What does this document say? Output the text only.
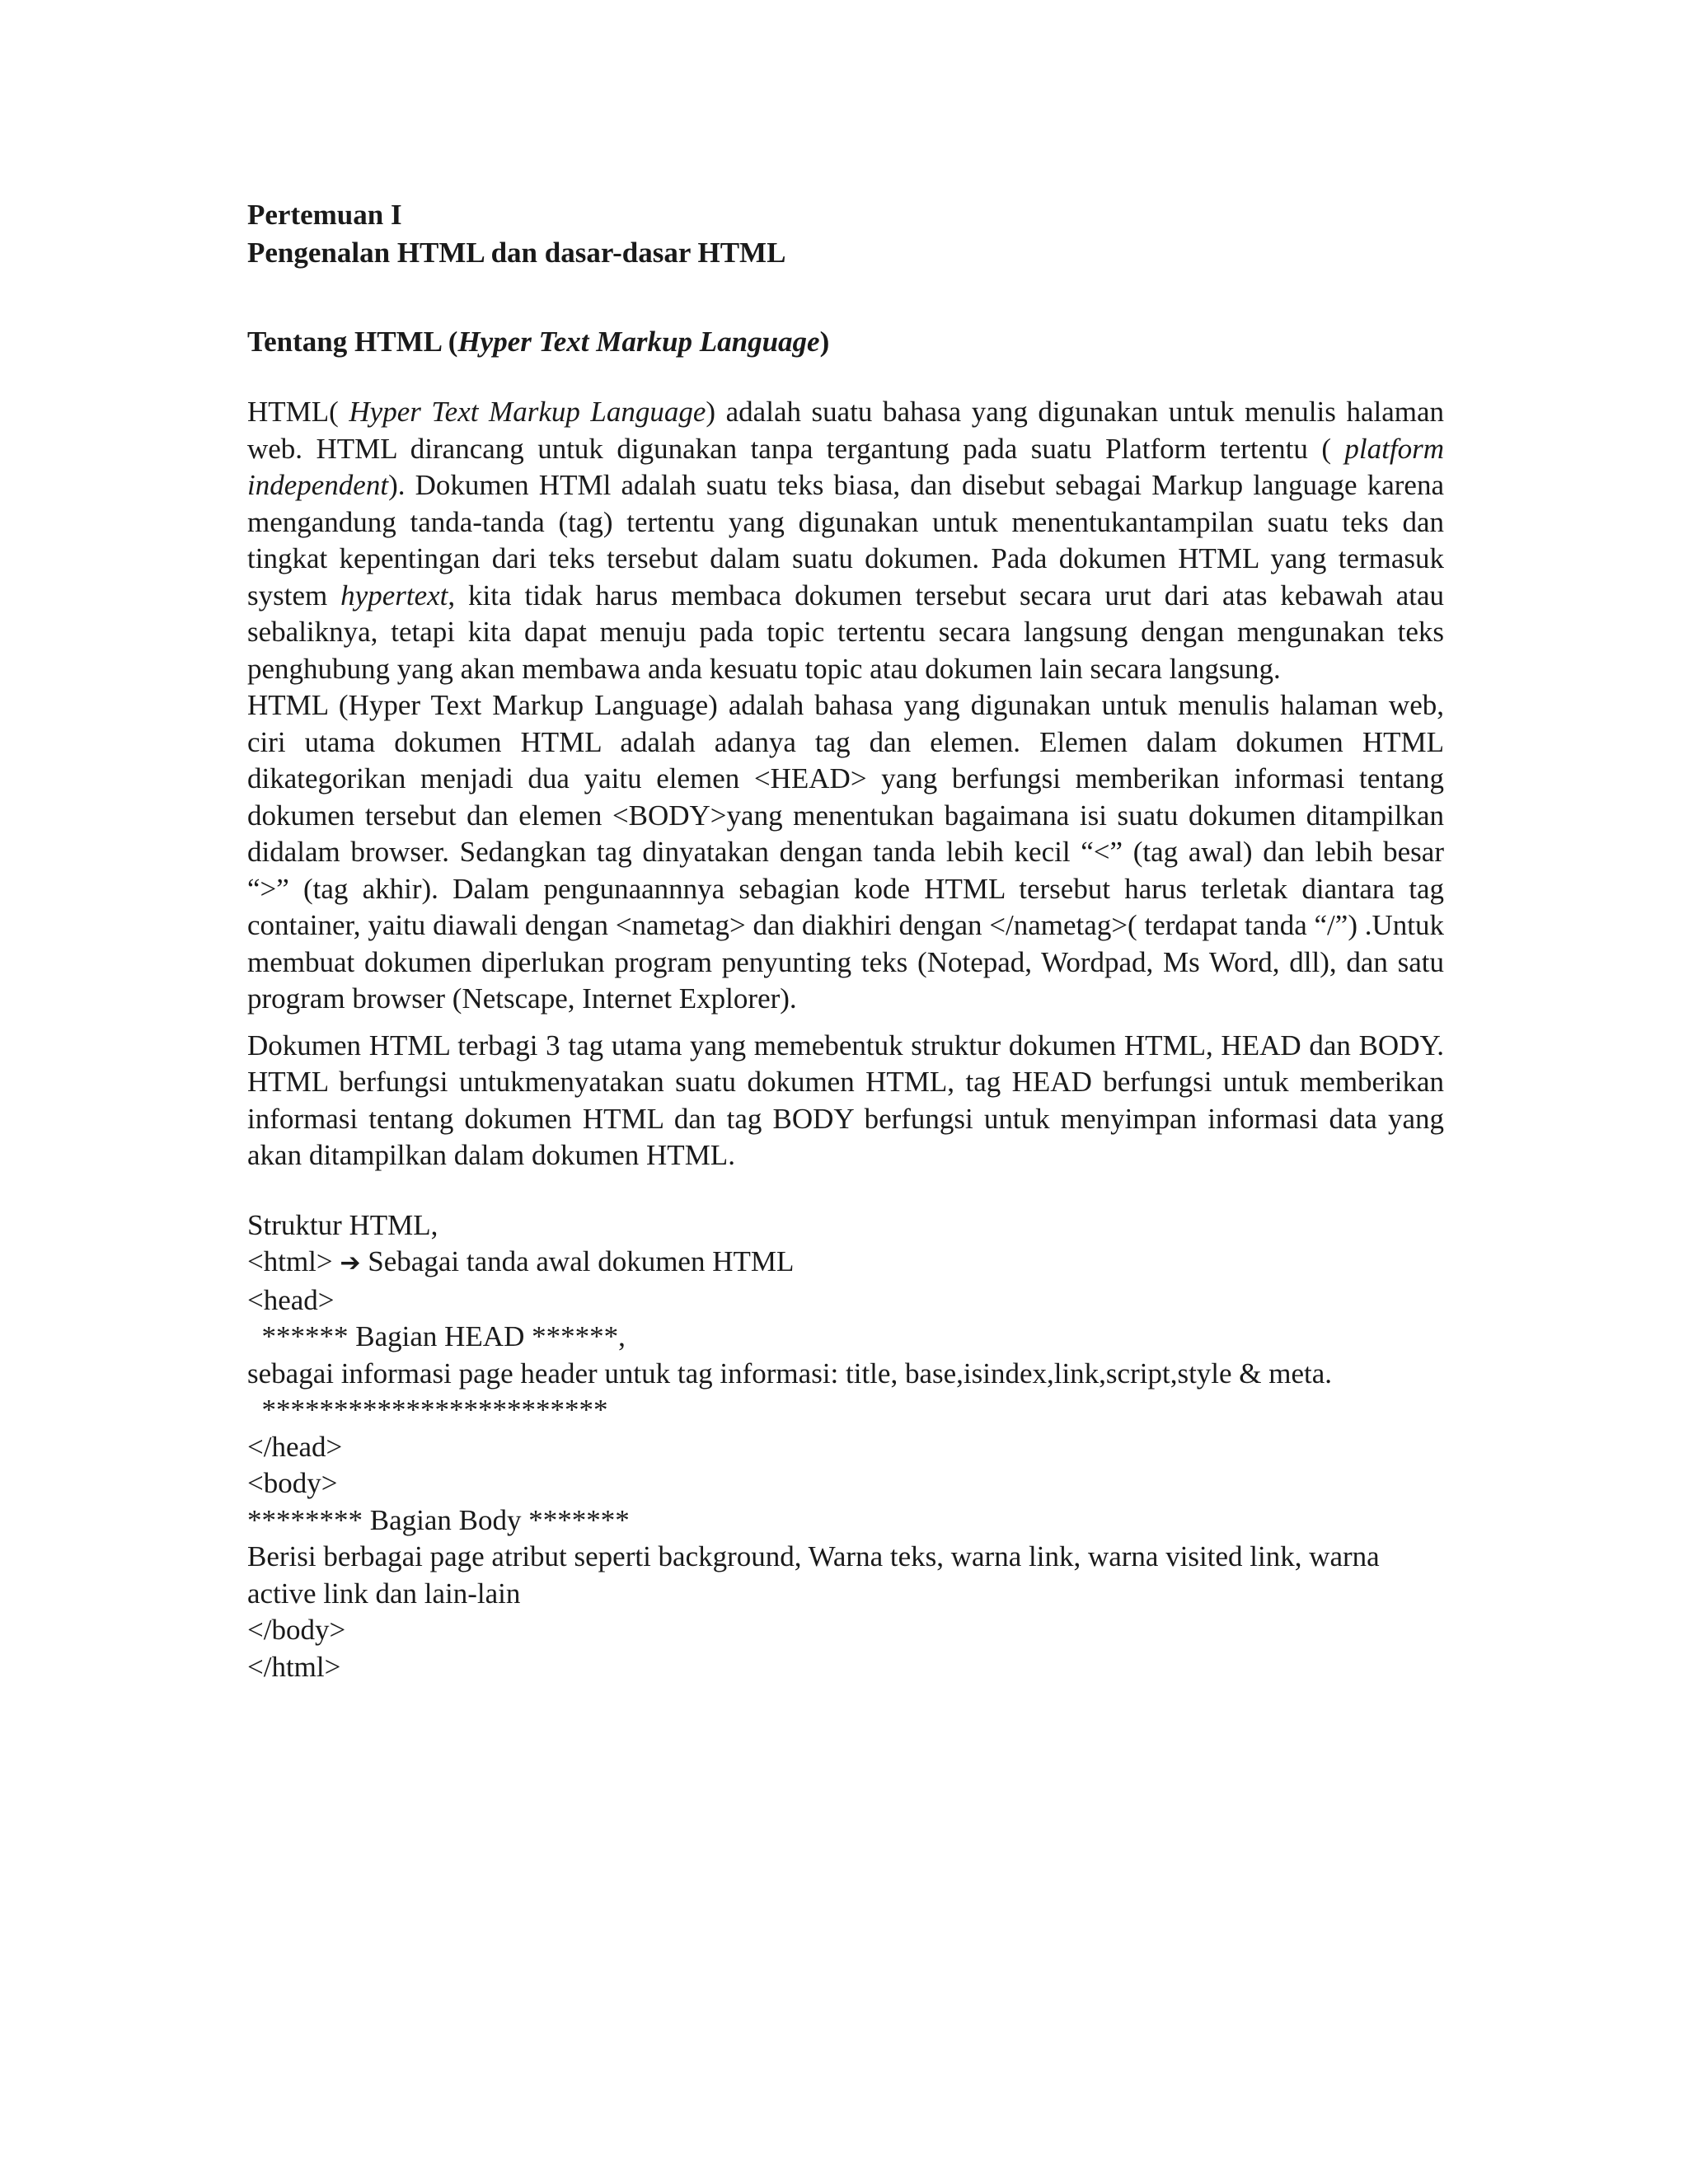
Pertemuan I

Pengenalan HTML dan dasar-dasar HTML

Tentang HTML (Hyper Text Markup Language)

HTML( Hyper Text Markup Language) adalah suatu bahasa yang digunakan untuk menulis halaman web. HTML dirancang untuk digunakan tanpa tergantung pada suatu Platform tertentu ( platform independent). Dokumen HTMl adalah suatu teks biasa, dan disebut sebagai Markup language karena mengandung tanda-tanda (tag) tertentu yang digunakan untuk menentukantampilan suatu teks dan tingkat kepentingan dari teks tersebut dalam suatu dokumen. Pada dokumen HTML yang termasuk system hypertext, kita tidak harus membaca dokumen tersebut secara urut dari atas kebawah atau sebaliknya, tetapi kita dapat menuju pada topic tertentu secara langsung dengan mengunakan teks penghubung yang akan membawa anda kesuatu topic atau dokumen lain secara langsung.

HTML (Hyper Text Markup Language) adalah bahasa yang digunakan untuk menulis halaman web, ciri utama dokumen HTML adalah adanya tag dan elemen. Elemen dalam dokumen HTML dikategorikan menjadi dua yaitu elemen <HEAD> yang berfungsi memberikan informasi tentang dokumen tersebut dan elemen <BODY>yang menentukan bagaimana isi suatu dokumen ditampilkan didalam browser. Sedangkan tag dinyatakan dengan tanda lebih kecil “<” (tag awal) dan lebih besar “>” (tag akhir). Dalam pengunaannnya sebagian kode HTML tersebut harus terletak diantara tag container, yaitu diawali dengan <nametag> dan diakhiri dengan </nametag>( terdapat tanda “/”) .Untuk membuat dokumen diperlukan program penyunting teks (Notepad, Wordpad, Ms Word, dll), dan satu program browser (Netscape, Internet Explorer).

Dokumen HTML terbagi 3 tag utama yang memebentuk struktur dokumen HTML, HEAD dan BODY. HTML berfungsi untukmenyatakan suatu dokumen HTML, tag HEAD berfungsi untuk memberikan informasi tentang dokumen HTML dan tag BODY berfungsi untuk menyimpan informasi data yang akan ditampilkan dalam dokumen HTML.

Struktur HTML,

<html> ➔ Sebagai tanda awal dokumen HTML

<head>

****** Bagian HEAD ******,

sebagai informasi page header untuk tag informasi: title, base,isindex,link,script,style & meta.

************************

</head>

<body>

******** Bagian Body *******

Berisi berbagai page atribut seperti background, Warna teks, warna link, warna visited link, warna active link dan lain-lain

</body>

</html>
